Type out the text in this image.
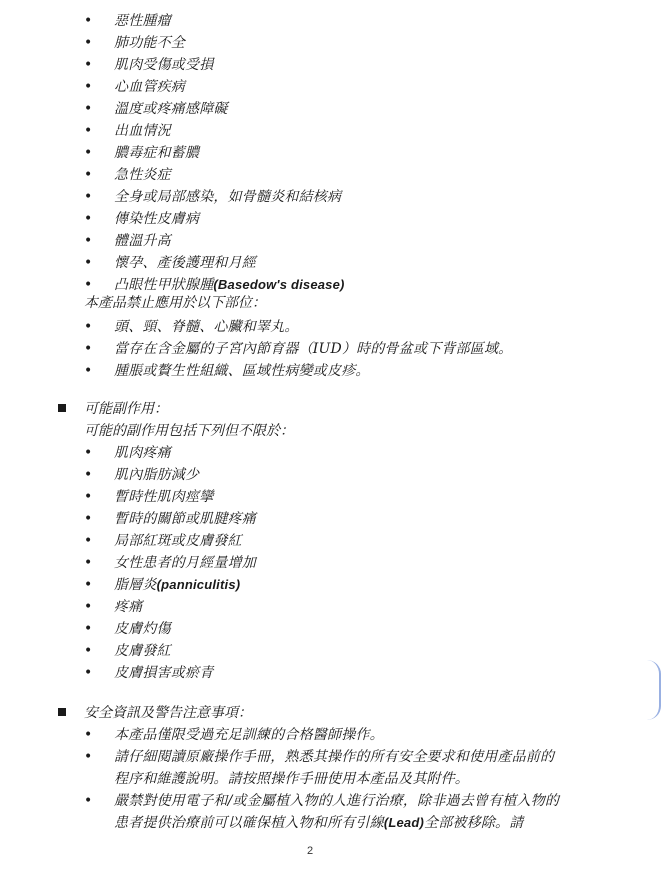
• 惡性腫瘤
• 肺功能不全
• 肌肉受傷或受損
• 心血管疾病
• 溫度或疼痛感障礙
• 出血情況
• 膿毒症和蓄膿
• 急性炎症
• 全身或局部感染，如骨髓炎和結核病
• 傳染性皮膚病
• 體溫升高
• 懷孕、產後護理和月經
• 凸眼性甲狀腺腫(Basedow's disease)
本產品禁止應用於以下部位：
• 頭、頸、脊髓、心臟和睪丸。
• 當存在含金屬的子宮內節育器（IUD）時的骨盆或下背部區域。
• 腫脹或贅生性組織、區域性病變或皮疹。
可能副作用：
可能的副作用包括下列但不限於：
• 肌肉疼痛
• 肌內脂肪減少
• 暫時性肌肉痙攣
• 暫時的關節或肌腱疼痛
• 局部紅斑或皮膚發紅
• 女性患者的月經量增加
• 脂層炎(panniculitis)
• 疼痛
• 皮膚灼傷
• 皮膚發紅
• 皮膚損害或瘀青
安全資訊及警告注意事項：
• 本產品僅限受過充足訓練的合格醫師操作。
• 請仔細閱讀原廠操作手冊，熟悉其操作的所有安全要求和使用產品前的程序和維護說明。請按照操作手冊使用本產品及其附件。
• 嚴禁對使用電子和/或金屬植入物的人進行治療，除非過去曾有植入物的患者提供治療前可以確保植入物和所有引線(Lead)全部被移除。請
2
